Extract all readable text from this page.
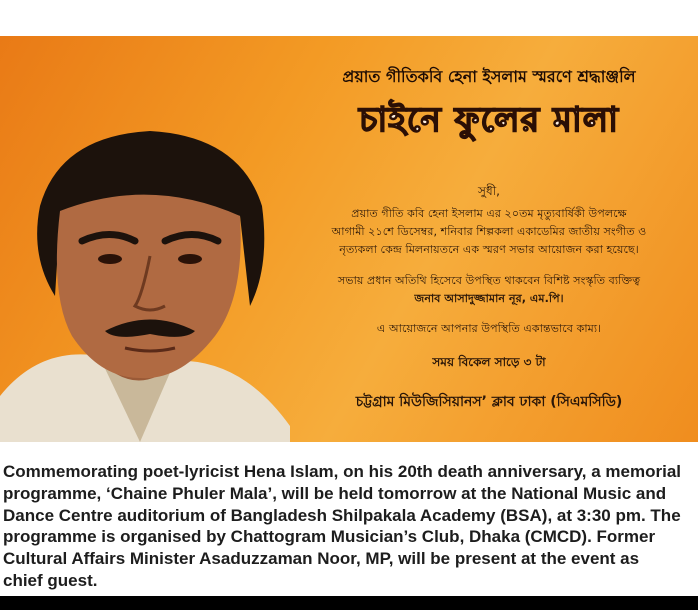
প্রয়াত গীতিকবি হেনা ইসলাম স্মরণে শ্রদ্ধাঞ্জলি
চাইনে ফুলের মালা
সুধী,
প্রয়াত গীতি কবি হেনা ইসলাম এর ২০তম মৃত্যুবার্ষিকী উপলক্ষে
আগামী ২১শে ডিসেম্বর, শনিবার শিল্পকলা একাডেমির জাতীয় সংগীত ও
নৃত্যকলা কেন্দ্র মিলনায়তনে এক স্মরণ সভার আয়োজন করা হয়েছে।
সভায় প্রধান অতিথি হিসেবে উপস্থিত থাকবেন বিশিষ্ট সংস্কৃতি ব্যক্তিত্ব
জনাব আসাদুজ্জামান নূর, এম.পি।
এ আয়োজনে আপনার উপস্থিতি একান্তভাবে কাম্য।
সময় বিকেল সাড়ে ৩ টা
চট্টগ্রাম মিউজিসিয়ানস’ ক্লাব ঢাকা (সিএমসিডি)

Commemorating poet-lyricist Hena Islam, on his 20th death anniversary, a memorial programme, ‘Chaine Phuler Mala’, will be held tomorrow at the National Music and Dance Centre auditorium of Bangladesh Shilpakala Academy (BSA), at 3:30 pm. The programme is organised by Chattogram Musician’s Club, Dhaka (CMCD). Former Cultural Affairs Minister Asaduzzaman Noor, MP, will be present at the event as chief guest.
